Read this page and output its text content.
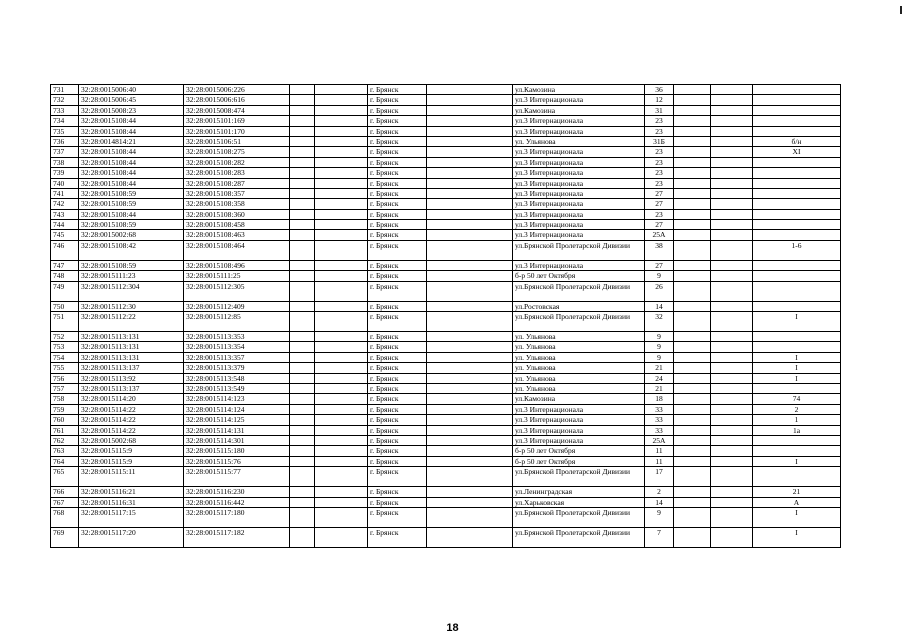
731	32:28:0015006:40	32:28:0015006:226			г. Брянск		ул.Камозина	36			
732	32:28:0015006:45	32:28:0015006:616			г. Брянск		ул.3 Интернационала	12			
733	32:28:0015008:23	32:28:0015008:474			г. Брянск		ул.Камозина	31			
734	32:28:0015108:44	32:28:0015101:169			г. Брянск		ул.3 Интернационала	23			
735	32:28:0015108:44	32:28:0015101:170			г. Брянск		ул.3 Интернационала	23			
736	32:28:0014814:21	32:28:0015106:51			г. Брянск		ул. Ульянова	31Б			б/н
737	32:28:0015108:44	32:28:0015108:275			г. Брянск		ул.3 Интернационала	23			XI
738	32:28:0015108:44	32:28:0015108:282			г. Брянск		ул.3 Интернационала	23			
739	32:28:0015108:44	32:28:0015108:283			г. Брянск		ул.3 Интернационала	23			
740	32:28:0015108:44	32:28:0015108:287			г. Брянск		ул.3 Интернационала	23			
741	32:28:0015108:59	32:28:0015108:357			г. Брянск		ул.3 Интернационала	27			
742	32:28:0015108:59	32:28:0015108:358			г. Брянск		ул.3 Интернационала	27			
743	32:28:0015108:44	32:28:0015108:360			г. Брянск		ул.3 Интернационала	23			
744	32:28:0015108:59	32:28:0015108:458			г. Брянск		ул.3 Интернационала	27			
745	32:28:0015002:68	32:28:0015108:463			г. Брянск		ул.3 Интернационала	25А			
746	32:28:0015108:42	32:28:0015108:464			г. Брянск		ул.Брянской Пролетарской Дивизии	38			1-6
747	32:28:0015108:59	32:28:0015108:496			г. Брянск		ул.3 Интернационала	27			
748	32:28:0015111:23	32:28:0015111:25			г. Брянск		б-р 50 лет Октября	9			
749	32:28:0015112:304	32:28:0015112:305			г. Брянск		ул.Брянской Пролетарской Дивизии	26			
750	32:28:0015112:30	32:28:0015112:409			г. Брянск		ул.Ростовская	14			
751	32:28:0015112:22	32:28:0015112:85			г. Брянск		ул.Брянской Пролетарской Дивизии	32			I
752	32:28:0015113:131	32:28:0015113:353			г. Брянск		ул. Ульянова	9			
753	32:28:0015113:131	32:28:0015113:354			г. Брянск		ул. Ульянова	9			
754	32:28:0015113:131	32:28:0015113:357			г. Брянск		ул. Ульянова	9			I
755	32:28:0015113:137	32:28:0015113:379			г. Брянск		ул. Ульянова	21			I
756	32:28:0015113:92	32:28:0015113:548			г. Брянск		ул. Ульянова	24			I
757	32:28:0015113:137	32:28:0015113:549			г. Брянск		ул. Ульянова	21			
758	32:28:0015114:20	32:28:0015114:123			г. Брянск		ул.Камозина	18			74
759	32:28:0015114:22	32:28:0015114:124			г. Брянск		ул.3 Интернационала	33			2
760	32:28:0015114:22	32:28:0015114:125			г. Брянск		ул.3 Интернационала	33			1
761	32:28:0015114:22	32:28:0015114:131			г. Брянск		ул.3 Интернационала	33			1а
762	32:28:0015002:68	32:28:0015114:301			г. Брянск		ул.3 Интернационала	25А			
763	32:28:0015115:9	32:28:0015115:180			г. Брянск		б-р 50 лет Октября	11			
764	32:28:0015115:9	32:28:0015115:76			г. Брянск		б-р 50 лет Октября	11			I
765	32:28:0015115:11	32:28:0015115:77			г. Брянск		ул.Брянской Пролетарской Дивизии	17			
766	32:28:0015116:21	32:28:0015116:230			г. Брянск		ул.Ленинградская	2			21
767	32:28:0015116:31	32:28:0015116:442			г. Брянск		ул.Харьковская	14			А
768	32:28:0015117:15	32:28:0015117:180			г. Брянск		ул.Брянской Пролетарской Дивизии	9			I
769	32:28:0015117:20	32:28:0015117:182			г. Брянск		ул.Брянской Пролетарской Дивизии	7			I
18
